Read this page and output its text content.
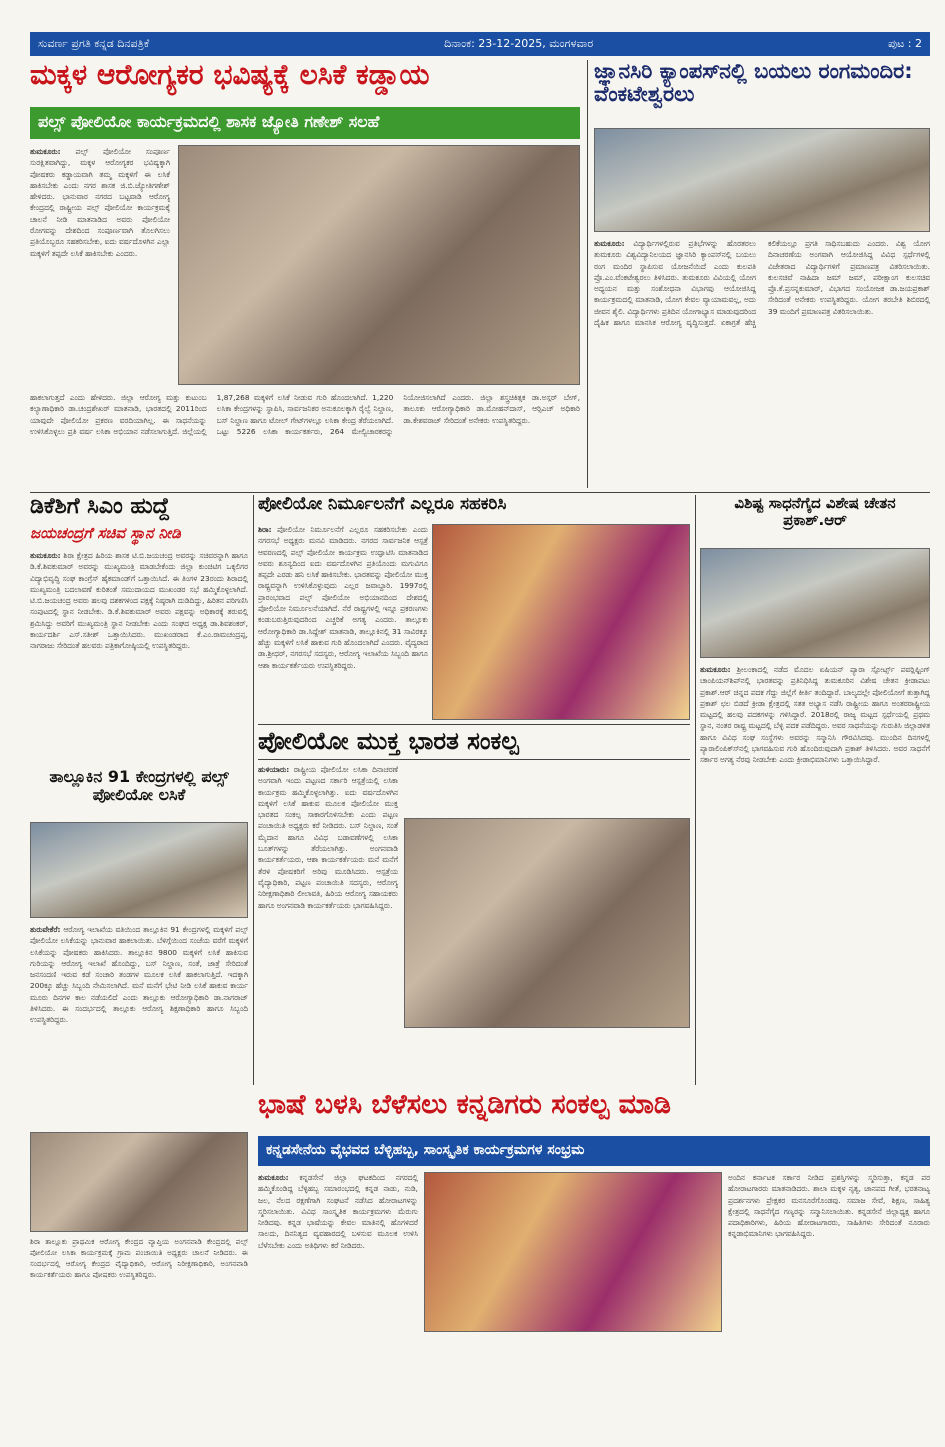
ಸುವರ್ಣ ಪ್ರಗತಿ ಕನ್ನಡ ದಿನಪತ್ರಿಕೆ	ದಿನಾಂಕ: 23-12-2025, ಮಂಗಳವಾರ	ಪುಟ : 2
ಮಕ್ಕಳ ಆರೋಗ್ಯಕರ ಭವಿಷ್ಯಕ್ಕೆ ಲಸಿಕೆ ಕಡ್ಡಾಯ
ಪಲ್ಸ್ ಪೋಲಿಯೋ ಕಾರ್ಯಕ್ರಮದಲ್ಲಿ ಶಾಸಕ ಜ್ಯೋತಿ ಗಣೇಶ್ ಸಲಹೆ
ತುಮಕೂರು: ಪಲ್ಸ್ ಪೋಲಿಯೋ ಸಂಪೂರ್ಣ ಸುರಕ್ಷಿತವಾಗಿದ್ದು, ಮಕ್ಕಳ ಆರೋಗ್ಯಕರ ಭವಿಷ್ಯಕ್ಕಾಗಿ ಪೋಷಕರು ಕಡ್ಡಾಯವಾಗಿ ತಮ್ಮ ಮಕ್ಕಳಿಗೆ ಈ ಲಸಿಕೆ ಹಾಕಿಸಬೇಕು ಎಂದು ನಗರ ಶಾಸಕ ಜಿ.ಬಿ.ಜ್ಯೋತಿಗಣೇಶ್ ಹೇಳಿದರು. ಭಾನುವಾರ ನಗರದ ಬಟ್ಟವಾಡಿ ಆರೋಗ್ಯ ಕೇಂದ್ರದಲ್ಲಿ ರಾಷ್ಟ್ರೀಯ ಪಲ್ಸ್ ಪೋಲಿಯೋ ಕಾರ್ಯಕ್ರಮಕ್ಕೆ ಚಾಲನೆ ನೀಡಿ ಮಾತನಾಡಿದ ಅವರು ಪೋಲಿಯೋ ರೋಗವನ್ನು ದೇಶದಿಂದ ಸಂಪೂರ್ಣವಾಗಿ ತೊಲಗಿಸಲು ಪ್ರತಿಯೊಬ್ಬರೂ ಸಹಕರಿಸಬೇಕು, ಐದು ವರ್ಷದೊಳಗಿನ ಎಲ್ಲಾ ಮಕ್ಕಳಿಗೆ ತಪ್ಪದೇ ಲಸಿಕೆ ಹಾಕಿಸಬೇಕು ಎಂದರು.
ಹಾಕಲಾಗುತ್ತದೆ ಎಂದು ಹೇಳಿದರು. ಜಿಲ್ಲಾ ಆರೋಗ್ಯ ಮತ್ತು ಕುಟುಂಬ ಕಲ್ಯಾಣಾಧಿಕಾರಿ ಡಾ.ಚಂದ್ರಶೇಖರ್ ಮಾತನಾಡಿ, ಭಾರತದಲ್ಲಿ 2011ರಿಂದ ಯಾವುದೇ ಪೋಲಿಯೋ ಪ್ರಕರಣ ವರದಿಯಾಗಿಲ್ಲ. ಈ ಸಾಧನೆಯನ್ನು ಉಳಿಸಿಕೊಳ್ಳಲು ಪ್ರತಿ ವರ್ಷ ಲಸಿಕಾ ಅಭಿಯಾನ ನಡೆಸಲಾಗುತ್ತಿದೆ. ಜಿಲ್ಲೆಯಲ್ಲಿ 1,87,268 ಮಕ್ಕಳಿಗೆ ಲಸಿಕೆ ನೀಡುವ ಗುರಿ ಹೊಂದಲಾಗಿದೆ. 1,220 ಲಸಿಕಾ ಕೇಂದ್ರಗಳನ್ನು ಸ್ಥಾಪಿಸಿ, ಸಾರ್ವಜನಿಕರ ಅನುಕೂಲಕ್ಕಾಗಿ ರೈಲ್ವೆ ನಿಲ್ದಾಣ, ಬಸ್ ನಿಲ್ದಾಣ ಹಾಗೂ ಟೋಲ್ ಗೇಟ್‍ಗಳಲ್ಲೂ ಲಸಿಕಾ ಕೇಂದ್ರ ತೆರೆಯಲಾಗಿದೆ. ಒಟ್ಟು 5226 ಲಸಿಕಾ ಕಾರ್ಯಕರ್ತರು, 264 ಮೇಲ್ವಿಚಾರಕರನ್ನು ನಿಯೋಜಿಸಲಾಗಿದೆ ಎಂದರು. ಜಿಲ್ಲಾ ಶಸ್ತ್ರಚಿಕಿತ್ಸಕ ಡಾ.ಅಸ್ಗರ್ ಬೇಗ್, ತಾಲೂಕು ಆರೋಗ್ಯಾಧಿಕಾರಿ ಡಾ.ಮೋಹನ್‍ದಾಸ್, ಆರ್‍ಸಿಎಚ್ ಅಧಿಕಾರಿ ಡಾ.ಕೇಶವರಾಜ್ ಸೇರಿದಂತೆ ಅನೇಕರು ಉಪಸ್ಥಿತರಿದ್ದರು.
ಜ್ಞಾನಸಿರಿ ಕ್ಯಾಂಪಸ್‍ನಲ್ಲಿ ಬಯಲು ರಂಗಮಂದಿರ: ವೆಂಕಟೇಶ್ವರಲು
ತುಮಕೂರು: ವಿದ್ಯಾರ್ಥಿಗಳಲ್ಲಿರುವ ಪ್ರತಿಭೆಗಳನ್ನು ಹೊರತರಲು ತುಮಕೂರು ವಿಶ್ವವಿದ್ಯಾನಿಲಯದ ಜ್ಞಾನಸಿರಿ ಕ್ಯಾಂಪಸ್‍ನಲ್ಲಿ ಬಯಲು ರಂಗ ಮಂದಿರ ಸ್ಥಾಪಿಸುವ ಯೋಜನೆಯಿದೆ ಎಂದು ಕುಲಪತಿ ಪ್ರೊ.ಎಂ.ವೆಂಕಟೇಶ್ವರಲು ತಿಳಿಸಿದರು. ತುಮಕೂರು ವಿವಿಯಲ್ಲಿ ಯೋಗ ಅಧ್ಯಯನ ಮತ್ತು ಸಂಶೋಧನಾ ವಿಭಾಗವು ಆಯೋಜಿಸಿದ್ದ ಕಾರ್ಯಕ್ರಮದಲ್ಲಿ ಮಾತನಾಡಿ, ಯೋಗ ಕೇವಲ ವ್ಯಾಯಾಮವಲ್ಲ, ಅದು ಜೀವನ ಶೈಲಿ. ವಿದ್ಯಾರ್ಥಿಗಳು ಪ್ರತಿದಿನ ಯೋಗಾಭ್ಯಾಸ ಮಾಡುವುದರಿಂದ ದೈಹಿಕ ಹಾಗೂ ಮಾನಸಿಕ ಆರೋಗ್ಯ ವೃದ್ಧಿಸುತ್ತದೆ. ಏಕಾಗ್ರತೆ ಹೆಚ್ಚಿ ಕಲಿಕೆಯಲ್ಲೂ ಪ್ರಗತಿ ಸಾಧಿಸಬಹುದು ಎಂದರು. ವಿಶ್ವ ಯೋಗ ದಿನಾಚರಣೆಯ ಅಂಗವಾಗಿ ಆಯೋಜಿಸಿದ್ದ ವಿವಿಧ ಸ್ಪರ್ಧೆಗಳಲ್ಲಿ ವಿಜೇತರಾದ ವಿದ್ಯಾರ್ಥಿಗಳಿಗೆ ಪ್ರಮಾಣಪತ್ರ ವಿತರಿಸಲಾಯಿತು. ಕುಲಸಚಿವೆ ನಾಹಿದಾ ಜಮ್ ಜಮ್, ಪರೀಕ್ಷಾಂಗ ಕುಲಸಚಿವ ಪ್ರೊ.ಕೆ.ಪ್ರಸನ್ನಕುಮಾರ್, ವಿಭಾಗದ ಸಂಯೋಜಕ ಡಾ.ಜಯಪ್ರಕಾಶ್ ಸೇರಿದಂತೆ ಅನೇಕರು ಉಪಸ್ಥಿತರಿದ್ದರು. ಯೋಗ ತರಬೇತಿ ಶಿಬಿರದಲ್ಲಿ 39 ಮಂದಿಗೆ ಪ್ರಮಾಣಪತ್ರ ವಿತರಿಸಲಾಯಿತು.
ಡಿಕೆಶಿಗೆ ಸಿಎಂ ಹುದ್ದೆ
ಜಯಚಂದ್ರಗೆ ಸಚಿವ ಸ್ಥಾನ ನೀಡಿ
ತುಮಕೂರು: ಶಿರಾ ಕ್ಷೇತ್ರದ ಹಿರಿಯ ಶಾಸಕ ಟಿ.ಬಿ.ಜಯಚಂದ್ರ ಅವರನ್ನು ಸಚಿವರನ್ನಾಗಿ ಹಾಗೂ ಡಿ.ಕೆ.ಶಿವಕುಮಾರ್ ಅವರನ್ನು ಮುಖ್ಯಮಂತ್ರಿ ಮಾಡಬೇಕೆಂದು ಜಿಲ್ಲಾ ಕುಂಚಿಟಿಗ ಒಕ್ಕಲಿಗರ ವಿದ್ಯಾಭಿವೃದ್ಧಿ ಸಂಘ ಕಾಂಗ್ರೆಸ್ ಹೈಕಮಾಂಡ್‍ಗೆ ಒತ್ತಾಯಿಸಿದೆ. ಈ ತಿಂಗಳ 23ರಂದು ಶಿರಾದಲ್ಲಿ ಮುಖ್ಯಮಂತ್ರಿ ಬದಲಾವಣೆ ಕುರಿತಂತೆ ಸಮುದಾಯದ ಮುಖಂಡರ ಸಭೆ ಹಮ್ಮಿಕೊಳ್ಳಲಾಗಿದೆ. ಟಿ.ಬಿ.ಜಯಚಂದ್ರ ಅವರು ಹಲವು ದಶಕಗಳಿಂದ ಪಕ್ಷಕ್ಕೆ ನಿಷ್ಠರಾಗಿ ದುಡಿದಿದ್ದು, ಹಿರಿತನ ಪರಿಗಣಿಸಿ ಸಂಪುಟದಲ್ಲಿ ಸ್ಥಾನ ನೀಡಬೇಕು. ಡಿ.ಕೆ.ಶಿವಕುಮಾರ್ ಅವರು ಪಕ್ಷವನ್ನು ಅಧಿಕಾರಕ್ಕೆ ತರುವಲ್ಲಿ ಶ್ರಮಿಸಿದ್ದು ಅವರಿಗೆ ಮುಖ್ಯಮಂತ್ರಿ ಸ್ಥಾನ ನೀಡಬೇಕು ಎಂದು ಸಂಘದ ಅಧ್ಯಕ್ಷ ಡಾ.ಶಿವಶಂಕರ್, ಕಾರ್ಯದರ್ಶಿ ಎಸ್.ಸತೀಶ್ ಒತ್ತಾಯಿಸಿದರು. ಮುಖಂಡರಾದ ಕೆ.ಎಂ.ರಾಮಚಂದ್ರಪ್ಪ, ನಾಗರಾಜು ಸೇರಿದಂತೆ ಹಲವರು ಪತ್ರಿಕಾಗೋಷ್ಠಿಯಲ್ಲಿ ಉಪಸ್ಥಿತರಿದ್ದರು.
ತಾಲ್ಲೂಕಿನ 91 ಕೇಂದ್ರಗಳಲ್ಲಿ ಪಲ್ಸ್ ಪೋಲಿಯೋ ಲಸಿಕೆ
ತುರುವೇಕೆರೆ: ಆರೋಗ್ಯ ಇಲಾಖೆಯ ವತಿಯಿಂದ ತಾಲ್ಲೂಕಿನ 91 ಕೇಂದ್ರಗಳಲ್ಲಿ ಮಕ್ಕಳಿಗೆ ಪಲ್ಸ್ ಪೋಲಿಯೋ ಲಸಿಕೆಯನ್ನು ಭಾನುವಾರ ಹಾಕಲಾಯಿತು. ಬೆಳಿಗ್ಗೆಯಿಂದ ಸಂಜೆಯ ವರೆಗೆ ಮಕ್ಕಳಿಗೆ ಲಸಿಕೆಯನ್ನು ಪೋಷಕರು ಹಾಕಿಸಿದರು. ತಾಲ್ಲೂಕಿನ 9800 ಮಕ್ಕಳಿಗೆ ಲಸಿಕೆ ಹಾಕಿಸುವ ಗುರಿಯನ್ನು ಆರೋಗ್ಯ ಇಲಾಖೆ ಹೊಂದಿದ್ದು, ಬಸ್ ನಿಲ್ದಾಣ, ಸಂತೆ, ಜಾತ್ರೆ ಸೇರಿದಂತೆ ಜನಸಂದಣಿ ಇರುವ ಕಡೆ ಸಂಚಾರಿ ತಂಡಗಳ ಮೂಲಕ ಲಸಿಕೆ ಹಾಕಲಾಗುತ್ತಿದೆ. ಇದಕ್ಕಾಗಿ 200ಕ್ಕೂ ಹೆಚ್ಚು ಸಿಬ್ಬಂದಿ ನೇಮಿಸಲಾಗಿದೆ. ಮನೆ ಮನೆಗೆ ಭೇಟಿ ನೀಡಿ ಲಸಿಕೆ ಹಾಕುವ ಕಾರ್ಯ ಮೂರು ದಿನಗಳ ಕಾಲ ನಡೆಯಲಿದೆ ಎಂದು ತಾಲ್ಲೂಕು ಆರೋಗ್ಯಾಧಿಕಾರಿ ಡಾ.ನಾಗರಾಜ್ ತಿಳಿಸಿದರು. ಈ ಸಂದರ್ಭದಲ್ಲಿ ತಾಲ್ಲೂಕು ಆರೋಗ್ಯ ಶಿಕ್ಷಣಾಧಿಕಾರಿ ಹಾಗೂ ಸಿಬ್ಬಂದಿ ಉಪಸ್ಥಿತರಿದ್ದರು.
ಶಿರಾ ತಾಲ್ಲೂಕು ಪ್ರಾಥಮಿಕ ಆರೋಗ್ಯ ಕೇಂದ್ರದ ವ್ಯಾಪ್ತಿಯ ಅಂಗನವಾಡಿ ಕೇಂದ್ರದಲ್ಲಿ ಪಲ್ಸ್ ಪೋಲಿಯೋ ಲಸಿಕಾ ಕಾರ್ಯಕ್ರಮಕ್ಕೆ ಗ್ರಾಮ ಪಂಚಾಯಿತಿ ಅಧ್ಯಕ್ಷರು ಚಾಲನೆ ನೀಡಿದರು. ಈ ಸಂದರ್ಭದಲ್ಲಿ ಆರೋಗ್ಯ ಕೇಂದ್ರದ ವೈದ್ಯಾಧಿಕಾರಿ, ಆರೋಗ್ಯ ನಿರೀಕ್ಷಣಾಧಿಕಾರಿ, ಅಂಗನವಾಡಿ ಕಾರ್ಯಕರ್ತೆಯರು ಹಾಗೂ ಪೋಷಕರು ಉಪಸ್ಥಿತರಿದ್ದರು.
ಪೋಲಿಯೋ ನಿರ್ಮೂಲನೆಗೆ ಎಲ್ಲರೂ ಸಹಕರಿಸಿ
ಶಿರಾ: ಪೋಲಿಯೋ ನಿರ್ಮೂಲನೆಗೆ ಎಲ್ಲರೂ ಸಹಕರಿಸಬೇಕು ಎಂದು ನಗರಸಭೆ ಅಧ್ಯಕ್ಷರು ಮನವಿ ಮಾಡಿದರು. ನಗರದ ಸಾರ್ವಜನಿಕ ಆಸ್ಪತ್ರೆ ಆವರಣದಲ್ಲಿ ಪಲ್ಸ್ ಪೋಲಿಯೋ ಕಾರ್ಯಕ್ರಮ ಉದ್ಘಾಟಿಸಿ ಮಾತನಾಡಿದ ಅವರು ಶೂನ್ಯದಿಂದ ಐದು ವರ್ಷದೊಳಗಿನ ಪ್ರತಿಯೊಂದು ಮಗುವಿಗೂ ತಪ್ಪದೇ ಎರಡು ಹನಿ ಲಸಿಕೆ ಹಾಕಿಸಬೇಕು. ಭಾರತವನ್ನು ಪೋಲಿಯೋ ಮುಕ್ತ ರಾಷ್ಟ್ರವನ್ನಾಗಿ ಉಳಿಸಿಕೊಳ್ಳುವುದು ಎಲ್ಲರ ಜವಾಬ್ದಾರಿ. 1997ರಲ್ಲಿ ಪ್ರಾರಂಭವಾದ ಪಲ್ಸ್ ಪೋಲಿಯೋ ಅಭಿಯಾನದಿಂದ ದೇಶದಲ್ಲಿ ಪೋಲಿಯೋ ನಿರ್ಮೂಲನೆಯಾಗಿದೆ. ನೆರೆ ರಾಷ್ಟ್ರಗಳಲ್ಲಿ ಇನ್ನೂ ಪ್ರಕರಣಗಳು ಕಂಡುಬರುತ್ತಿರುವುದರಿಂದ ಎಚ್ಚರಿಕೆ ಅಗತ್ಯ ಎಂದರು. ತಾಲ್ಲೂಕು ಆರೋಗ್ಯಾಧಿಕಾರಿ ಡಾ.ಸಿದ್ದೇಶ್ ಮಾತನಾಡಿ, ತಾಲ್ಲೂಕಿನಲ್ಲಿ 31 ಸಾವಿರಕ್ಕೂ ಹೆಚ್ಚು ಮಕ್ಕಳಿಗೆ ಲಸಿಕೆ ಹಾಕುವ ಗುರಿ ಹೊಂದಲಾಗಿದೆ ಎಂದರು. ವೈದ್ಯರಾದ ಡಾ.ಶ್ರೀಧರ್, ನಗರಸಭೆ ಸದಸ್ಯರು, ಆರೋಗ್ಯ ಇಲಾಖೆಯ ಸಿಬ್ಬಂದಿ ಹಾಗೂ ಆಶಾ ಕಾರ್ಯಕರ್ತೆಯರು ಉಪಸ್ಥಿತರಿದ್ದರು.
ಪೋಲಿಯೋ ಮುಕ್ತ ಭಾರತ ಸಂಕಲ್ಪ
ಹುಳಿಯಾರು: ರಾಷ್ಟ್ರೀಯ ಪೋಲಿಯೋ ಲಸಿಕಾ ದಿನಾಚರಣೆ ಅಂಗವಾಗಿ ಇಂದು ಪಟ್ಟಣದ ಸರ್ಕಾರಿ ಆಸ್ಪತ್ರೆಯಲ್ಲಿ ಲಸಿಕಾ ಕಾರ್ಯಕ್ರಮ ಹಮ್ಮಿಕೊಳ್ಳಲಾಗಿತ್ತು. ಐದು ವರ್ಷದೊಳಗಿನ ಮಕ್ಕಳಿಗೆ ಲಸಿಕೆ ಹಾಕುವ ಮೂಲಕ ಪೋಲಿಯೋ ಮುಕ್ತ ಭಾರತದ ಸಂಕಲ್ಪ ಸಾಕಾರಗೊಳಿಸಬೇಕು ಎಂದು ಪಟ್ಟಣ ಪಂಚಾಯಿತಿ ಅಧ್ಯಕ್ಷರು ಕರೆ ನೀಡಿದರು. ಬಸ್ ನಿಲ್ದಾಣ, ಸಂತೆ ಮೈದಾನ ಹಾಗೂ ವಿವಿಧ ಬಡಾವಣೆಗಳಲ್ಲಿ ಲಸಿಕಾ ಬೂತ್‍ಗಳನ್ನು ತೆರೆಯಲಾಗಿತ್ತು. ಅಂಗನವಾಡಿ ಕಾರ್ಯಕರ್ತೆಯರು, ಆಶಾ ಕಾರ್ಯಕರ್ತೆಯರು ಮನೆ ಮನೆಗೆ ತೆರಳಿ ಪೋಷಕರಿಗೆ ಅರಿವು ಮೂಡಿಸಿದರು. ಆಸ್ಪತ್ರೆಯ ವೈದ್ಯಾಧಿಕಾರಿ, ಪಟ್ಟಣ ಪಂಚಾಯಿತಿ ಸದಸ್ಯರು, ಆರೋಗ್ಯ ನಿರೀಕ್ಷಣಾಧಿಕಾರಿ ಲೀಲಾವತಿ, ಹಿರಿಯ ಆರೋಗ್ಯ ಸಹಾಯಕರು ಹಾಗೂ ಅಂಗನವಾಡಿ ಕಾರ್ಯಕರ್ತೆಯರು ಭಾಗವಹಿಸಿದ್ದರು.
ವಿಶಿಷ್ಟ ಸಾಧನೆಗೈದ ವಿಶೇಷ ಚೇತನ ಪ್ರಕಾಶ್.ಆರ್
ತುಮಕೂರು: ಶ್ರೀಲಂಕಾದಲ್ಲಿ ನಡೆದ ಮೊದಲ ಏಷಿಯನ್ ಪ್ಯಾರಾ ಸ್ಪೋರ್ಟ್ಸ್ ಪವರ್‍ಲಿಫ್ಟಿಂಗ್ ಚಾಂಪಿಯನ್‍ಶಿಪ್‍ನಲ್ಲಿ ಭಾರತವನ್ನು ಪ್ರತಿನಿಧಿಸಿದ್ದ ತುಮಕೂರಿನ ವಿಶೇಷ ಚೇತನ ಕ್ರೀಡಾಪಟು ಪ್ರಕಾಶ್.ಆರ್ ಚಿನ್ನದ ಪದಕ ಗೆದ್ದು ಜಿಲ್ಲೆಗೆ ಕೀರ್ತಿ ತಂದಿದ್ದಾರೆ. ಬಾಲ್ಯದಲ್ಲೇ ಪೋಲಿಯೋಗೆ ತುತ್ತಾಗಿದ್ದ ಪ್ರಕಾಶ್ ಛಲ ಬಿಡದೆ ಕ್ರೀಡಾ ಕ್ಷೇತ್ರದಲ್ಲಿ ಸತತ ಅಭ್ಯಾಸ ನಡೆಸಿ ರಾಷ್ಟ್ರೀಯ ಹಾಗೂ ಅಂತರರಾಷ್ಟ್ರೀಯ ಮಟ್ಟದಲ್ಲಿ ಹಲವು ಪದಕಗಳನ್ನು ಗಳಿಸಿದ್ದಾರೆ. 2018ರಲ್ಲಿ ರಾಜ್ಯ ಮಟ್ಟದ ಸ್ಪರ್ಧೆಯಲ್ಲಿ ಪ್ರಥಮ ಸ್ಥಾನ, ನಂತರ ರಾಷ್ಟ್ರ ಮಟ್ಟದಲ್ಲಿ ಬೆಳ್ಳಿ ಪದಕ ಪಡೆದಿದ್ದರು. ಅವರ ಸಾಧನೆಯನ್ನು ಗುರುತಿಸಿ ಜಿಲ್ಲಾಡಳಿತ ಹಾಗೂ ವಿವಿಧ ಸಂಘ ಸಂಸ್ಥೆಗಳು ಅವರನ್ನು ಸನ್ಮಾನಿಸಿ ಗೌರವಿಸಿದವು. ಮುಂದಿನ ದಿನಗಳಲ್ಲಿ ಪ್ಯಾರಾಲಿಂಪಿಕ್ಸ್‍ನಲ್ಲಿ ಭಾಗವಹಿಸುವ ಗುರಿ ಹೊಂದಿರುವುದಾಗಿ ಪ್ರಕಾಶ್ ತಿಳಿಸಿದರು. ಅವರ ಸಾಧನೆಗೆ ಸರ್ಕಾರ ಅಗತ್ಯ ನೆರವು ನೀಡಬೇಕು ಎಂದು ಕ್ರೀಡಾಭಿಮಾನಿಗಳು ಒತ್ತಾಯಿಸಿದ್ದಾರೆ.
ಭಾಷೆ ಬಳಸಿ ಬೆಳೆಸಲು ಕನ್ನಡಿಗರು ಸಂಕಲ್ಪ ಮಾಡಿ
ಕನ್ನಡಸೇನೆಯ ವೈಭವದ ಬೆಳ್ಳಿಹಬ್ಬ, ಸಾಂಸ್ಕೃತಿಕ ಕಾರ್ಯಕ್ರಮಗಳ ಸಂಭ್ರಮ
ತುಮಕೂರು: ಕನ್ನಡಸೇನೆ ಜಿಲ್ಲಾ ಘಟಕದಿಂದ ನಗರದಲ್ಲಿ ಹಮ್ಮಿಕೊಂಡಿದ್ದ ಬೆಳ್ಳಿಹಬ್ಬ ಸಮಾರಂಭದಲ್ಲಿ ಕನ್ನಡ ನಾಡು, ನುಡಿ, ಜಲ, ನೆಲದ ರಕ್ಷಣೆಗಾಗಿ ಸಂಘಟನೆ ನಡೆಸಿದ ಹೋರಾಟಗಳನ್ನು ಸ್ಮರಿಸಲಾಯಿತು. ವಿವಿಧ ಸಾಂಸ್ಕೃತಿಕ ಕಾರ್ಯಕ್ರಮಗಳು ಮೆರುಗು ನೀಡಿದವು. ಕನ್ನಡ ಭಾಷೆಯನ್ನು ಕೇವಲ ಮಾತಿನಲ್ಲಿ ಹೊಗಳಿದರೆ ಸಾಲದು, ದಿನನಿತ್ಯದ ವ್ಯವಹಾರದಲ್ಲಿ ಬಳಸುವ ಮೂಲಕ ಉಳಿಸಿ ಬೆಳೆಸಬೇಕು ಎಂದು ಅತಿಥಿಗಳು ಕರೆ ನೀಡಿದರು.
ಅಂದಿನ ಕರ್ನಾಟಕ ಸರ್ಕಾರ ನೀಡಿದ ಪ್ರಶಸ್ತಿಗಳನ್ನು ಸ್ಮರಿಸುತ್ತಾ, ಕನ್ನಡ ಪರ ಹೋರಾಟಗಾರರು ಮಾತನಾಡಿದರು. ಶಾಲಾ ಮಕ್ಕಳ ನೃತ್ಯ, ಜಾನಪದ ಗೀತೆ, ಭರತನಾಟ್ಯ ಪ್ರದರ್ಶನಗಳು ಪ್ರೇಕ್ಷಕರ ಮನಸೂರೆಗೊಂಡವು. ಸಮಾಜ ಸೇವೆ, ಶಿಕ್ಷಣ, ಸಾಹಿತ್ಯ ಕ್ಷೇತ್ರದಲ್ಲಿ ಸಾಧನೆಗೈದ ಗಣ್ಯರನ್ನು ಸನ್ಮಾನಿಸಲಾಯಿತು. ಕನ್ನಡಸೇನೆ ಜಿಲ್ಲಾಧ್ಯಕ್ಷ ಹಾಗೂ ಪದಾಧಿಕಾರಿಗಳು, ಹಿರಿಯ ಹೋರಾಟಗಾರರು, ಸಾಹಿತಿಗಳು ಸೇರಿದಂತೆ ನೂರಾರು ಕನ್ನಡಾಭಿಮಾನಿಗಳು ಭಾಗವಹಿಸಿದ್ದರು.
